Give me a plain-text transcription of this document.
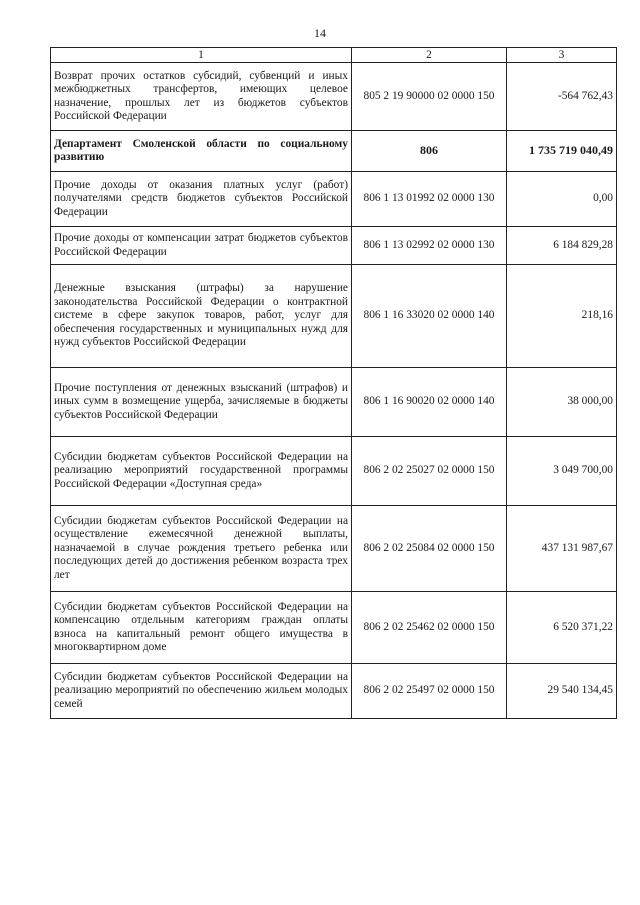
14
1	2	3
Возврат прочих остатков субсидий, субвенций и иных межбюджетных трансфертов, имеющих целевое назначение, прошлых лет из бюджетов субъектов Российской Федерации	805 2 19 90000 02 0000 150	-564 762,43
Департамент Смоленской области по социальному развитию	806	1 735 719 040,49
Прочие доходы от оказания платных услуг (работ) получателями средств бюджетов субъектов Российской Федерации	806 1 13 01992 02 0000 130	0,00
Прочие доходы от компенсации затрат бюджетов субъектов Российской Федерации	806 1 13 02992 02 0000 130	6 184 829,28
Денежные взыскания (штрафы) за нарушение законодательства Российской Федерации о контрактной системе в сфере закупок товаров, работ, услуг для обеспечения государственных и муниципальных нужд для нужд субъектов Российской Федерации	806 1 16 33020 02 0000 140	218,16
Прочие поступления от денежных взысканий (штрафов) и иных сумм в возмещение ущерба, зачисляемые в бюджеты субъектов Российской Федерации	806 1 16 90020 02 0000 140	38 000,00
Субсидии бюджетам субъектов Российской Федерации на реализацию мероприятий государственной программы Российской Федерации «Доступная среда»	806 2 02 25027 02 0000 150	3 049 700,00
Субсидии бюджетам субъектов Российской Федерации на осуществление ежемесячной денежной выплаты, назначаемой в случае рождения третьего ребенка или последующих детей до достижения ребенком возраста трех лет	806 2 02 25084 02 0000 150	437 131 987,67
Субсидии бюджетам субъектов Российской Федерации на компенсацию отдельным категориям граждан оплаты взноса на капитальный ремонт общего имущества в многоквартирном доме	806 2 02 25462 02 0000 150	6 520 371,22
Субсидии бюджетам субъектов Российской Федерации на реализацию мероприятий по обеспечению жильем молодых семей	806 2 02 25497 02 0000 150	29 540 134,45
